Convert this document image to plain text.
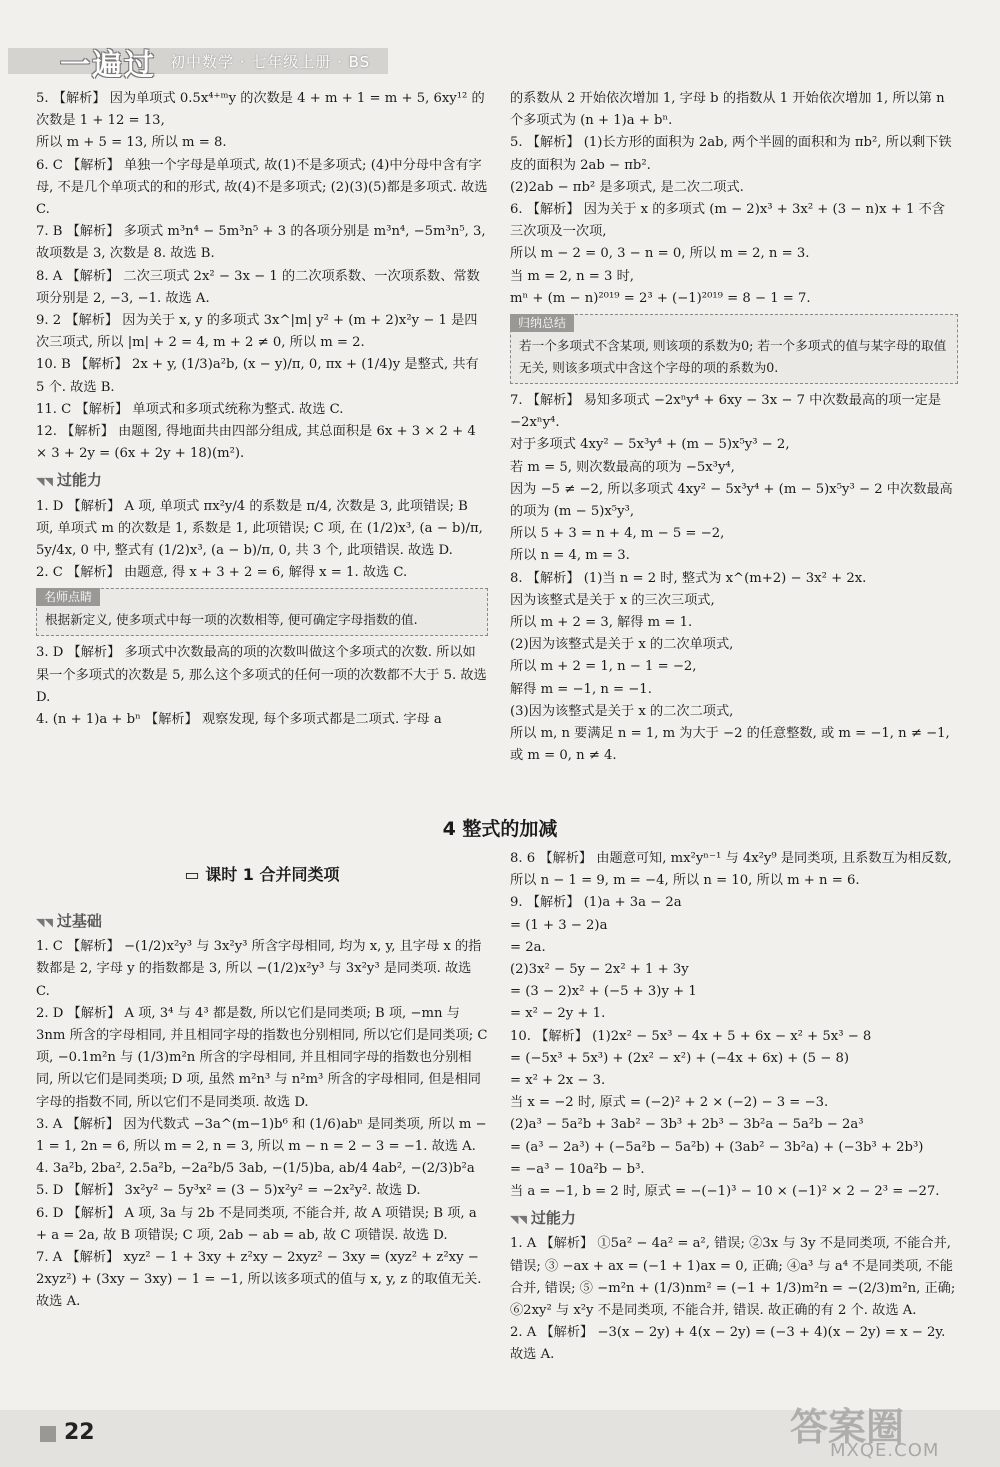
一遍过 初中数学 · 七年级上册 · BS

5. 【解析】 因为单项式 0.5x⁴⁺ᵐy 的次数是 4 + m + 1 = m + 5, 6xy¹² 的次数是 1 + 12 = 13,

所以 m + 5 = 13, 所以 m = 8.

6. C 【解析】 单独一个字母是单项式, 故(1)不是多项式; (4)中分母中含有字母, 不是几个单项式的和的形式, 故(4)不是多项式; (2)(3)(5)都是多项式. 故选 C.

7. B 【解析】 多项式 m³n⁴ − 5m³n⁵ + 3 的各项分别是 m³n⁴, −5m³n⁵, 3, 故项数是 3, 次数是 8. 故选 B.

8. A 【解析】 二次三项式 2x² − 3x − 1 的二次项系数、一次项系数、常数项分别是 2, −3, −1. 故选 A.

9. 2 【解析】 因为关于 x, y 的多项式 3x^|m| y² + (m + 2)x²y − 1 是四次三项式, 所以 |m| + 2 = 4, m + 2 ≠ 0, 所以 m = 2.

10. B 【解析】 2x + y, (1/3)a²b, (x − y)/π, 0, πx + (1/4)y 是整式, 共有 5 个. 故选 B.

11. C 【解析】 单项式和多项式统称为整式. 故选 C.

12. 【解析】 由题图, 得地面共由四部分组成, 其总面积是 6x + 3 × 2 + 4 × 3 + 2y = (6x + 2y + 18)(m²).

◥◥ 过能力

1. D 【解析】 A 项, 单项式 πx²y/4 的系数是 π/4, 次数是 3, 此项错误; B 项, 单项式 m 的次数是 1, 系数是 1, 此项错误; C 项, 在 (1/2)x³, (a − b)/π, 5y/4x, 0 中, 整式有 (1/2)x³, (a − b)/π, 0, 共 3 个, 此项错误. 故选 D.

2. C 【解析】 由题意, 得 x + 3 + 2 = 6, 解得 x = 1. 故选 C.

名师点睛
根据新定义, 使多项式中每一项的次数相等, 便可确定字母指数的值.

3. D 【解析】 多项式中次数最高的项的次数叫做这个多项式的次数. 所以如果一个多项式的次数是 5, 那么这个多项式的任何一项的次数都不大于 5. 故选 D.

4. (n + 1)a + bⁿ 【解析】 观察发现, 每个多项式都是二项式. 字母 a

的系数从 2 开始依次增加 1, 字母 b 的指数从 1 开始依次增加 1, 所以第 n 个多项式为 (n + 1)a + bⁿ.

5. 【解析】 (1)长方形的面积为 2ab, 两个半圆的面积和为 πb², 所以剩下铁皮的面积为 2ab − πb².

(2)2ab − πb² 是多项式, 是二次二项式.

6. 【解析】 因为关于 x 的多项式 (m − 2)x³ + 3x² + (3 − n)x + 1 不含三次项及一次项,

所以 m − 2 = 0, 3 − n = 0, 所以 m = 2, n = 3.

当 m = 2, n = 3 时,

mⁿ + (m − n)²⁰¹⁹ = 2³ + (−1)²⁰¹⁹ = 8 − 1 = 7.

归纳总结
若一个多项式不含某项, 则该项的系数为0; 若一个多项式的值与某字母的取值无关, 则该多项式中含这个字母的项的系数为0.

7. 【解析】 易知多项式 −2xⁿy⁴ + 6xy − 3x − 7 中次数最高的项一定是 −2xⁿy⁴.

对于多项式 4xy² − 5x³y⁴ + (m − 5)x⁵y³ − 2,

若 m = 5, 则次数最高的项为 −5x³y⁴,

因为 −5 ≠ −2, 所以多项式 4xy² − 5x³y⁴ + (m − 5)x⁵y³ − 2 中次数最高的项为 (m − 5)x⁵y³,

所以 5 + 3 = n + 4, m − 5 = −2,

所以 n = 4, m = 3.

8. 【解析】 (1)当 n = 2 时, 整式为 x^(m+2) − 3x² + 2x.

因为该整式是关于 x 的三次三项式,

所以 m + 2 = 3, 解得 m = 1.

(2)因为该整式是关于 x 的二次单项式,

所以 m + 2 = 1, n − 1 = −2,

解得 m = −1, n = −1.

(3)因为该整式是关于 x 的二次二项式,

所以 m, n 要满足 n = 1, m 为大于 −2 的任意整数, 或 m = −1, n ≠ −1, 或 m = 0, n ≠ 4.

4 整式的加减
▭ 课时 1 合并同类项
◥◥ 过基础

1. C 【解析】 −(1/2)x²y³ 与 3x²y³ 所含字母相同, 均为 x, y, 且字母 x 的指数都是 2, 字母 y 的指数都是 3, 所以 −(1/2)x²y³ 与 3x²y³ 是同类项. 故选 C.

2. D 【解析】 A 项, 3⁴ 与 4³ 都是数, 所以它们是同类项; B 项, −mn 与 3nm 所含的字母相同, 并且相同字母的指数也分别相同, 所以它们是同类项; C 项, −0.1m²n 与 (1/3)m²n 所含的字母相同, 并且相同字母的指数也分别相同, 所以它们是同类项; D 项, 虽然 m²n³ 与 n²m³ 所含的字母相同, 但是相同字母的指数不同, 所以它们不是同类项. 故选 D.

3. A 【解析】 因为代数式 −3a^(m−1)b⁶ 和 (1/6)abⁿ 是同类项, 所以 m − 1 = 1, 2n = 6, 所以 m = 2, n = 3, 所以 m − n = 2 − 3 = −1. 故选 A.

4. 3a²b, 2ba², 2.5a²b, −2a²b/5 3ab, −(1/5)ba, ab/4 4ab², −(2/3)b²a

5. D 【解析】 3x²y² − 5y³x² = (3 − 5)x²y² = −2x²y². 故选 D.

6. D 【解析】 A 项, 3a 与 2b 不是同类项, 不能合并, 故 A 项错误; B 项, a + a = 2a, 故 B 项错误; C 项, 2ab − ab = ab, 故 C 项错误. 故选 D.

7. A 【解析】 xyz² − 1 + 3xy + z²xy − 2xyz² − 3xy = (xyz² + z²xy − 2xyz²) + (3xy − 3xy) − 1 = −1, 所以该多项式的值与 x, y, z 的取值无关. 故选 A.

8. 6 【解析】 由题意可知, mx²yⁿ⁻¹ 与 4x²y⁹ 是同类项, 且系数互为相反数, 所以 n − 1 = 9, m = −4, 所以 n = 10, 所以 m + n = 6.

9. 【解析】 (1)a + 3a − 2a

= (1 + 3 − 2)a

= 2a.

(2)3x² − 5y − 2x² + 1 + 3y

= (3 − 2)x² + (−5 + 3)y + 1

= x² − 2y + 1.

10. 【解析】 (1)2x² − 5x³ − 4x + 5 + 6x − x² + 5x³ − 8

= (−5x³ + 5x³) + (2x² − x²) + (−4x + 6x) + (5 − 8)

= x² + 2x − 3.

当 x = −2 时, 原式 = (−2)² + 2 × (−2) − 3 = −3.

(2)a³ − 5a²b + 3ab² − 3b³ + 2b³ − 3b²a − 5a²b − 2a³

= (a³ − 2a³) + (−5a²b − 5a²b) + (3ab² − 3b²a) + (−3b³ + 2b³)

= −a³ − 10a²b − b³.

当 a = −1, b = 2 时, 原式 = −(−1)³ − 10 × (−1)² × 2 − 2³ = −27.

◥◥ 过能力

1. A 【解析】 ①5a² − 4a² = a², 错误; ②3x 与 3y 不是同类项, 不能合并, 错误; ③ −ax + ax = (−1 + 1)ax = 0, 正确; ④a³ 与 a⁴ 不是同类项, 不能合并, 错误; ⑤ −m²n + (1/3)nm² = (−1 + 1/3)m²n = −(2/3)m²n, 正确; ⑥2xy² 与 x²y 不是同类项, 不能合并, 错误. 故正确的有 2 个. 故选 A.

2. A 【解析】 −3(x − 2y) + 4(x − 2y) = (−3 + 4)(x − 2y) = x − 2y. 故选 A.

22	答案圈
MXQE.COM
